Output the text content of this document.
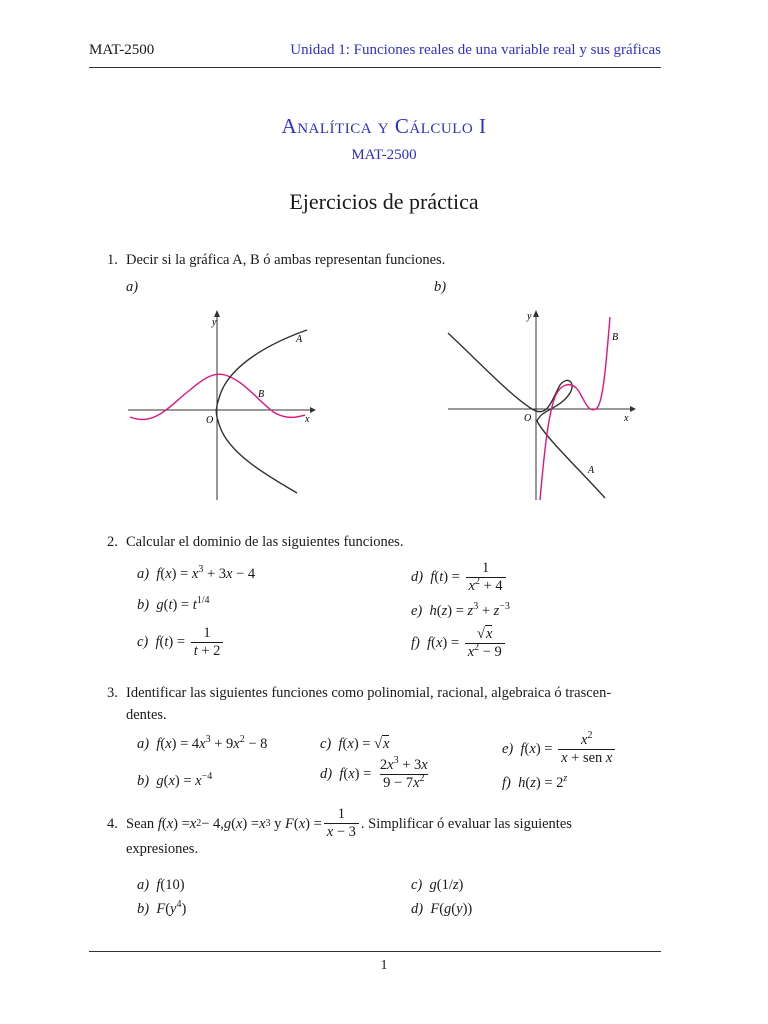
MAT-2500	Unidad 1: Funciones reales de una variable real y sus gráficas
Analítica y Cálculo I
MAT-2500
Ejercicios de práctica
1. Decir si la gráfica A, B ó ambas representan funciones.
a)	b)
y
x
O
A
B
y
x
O
A
B
2. Calcular el dominio de las siguientes funciones.
a) $f(x) = x^3 + 3x - 4$
b) $g(t) = t^{1/4}$
c) $f(t) = \frac{1}{t + 2}$
d) $f(t) = \frac{1}{x^2 + 4}$
e) $h(z) = z^3 + z^{-3}$
f) $f(x) = \frac{√x}{x^2 - 9}$
3. Identificar las siguientes funciones como polinomial, racional, algebraica ó trascen-
dentes.
a) $f(x) = 4x^3 + 9x^2 - 8$
b) $g(x) = x^{-4}$
c) f(x) = √x
d) $f(x) = \frac{2x^3 + 3x}{9 - 7x^2}$
e) $f(x) = \frac{x^2}{\text{x + sen x}}$
f) $h(z) = 2^z$
4. Sean
f ( x ) = x 2 − 4, g ( x ) = x 3 y F ( x ) = $\frac{1}{x - 3}$ . Simplificar ó evaluar las siguientes
expresiones.
a) f(10)
b) $F(y^4)$
c) g(1/z)
d) F(g(y))
1
